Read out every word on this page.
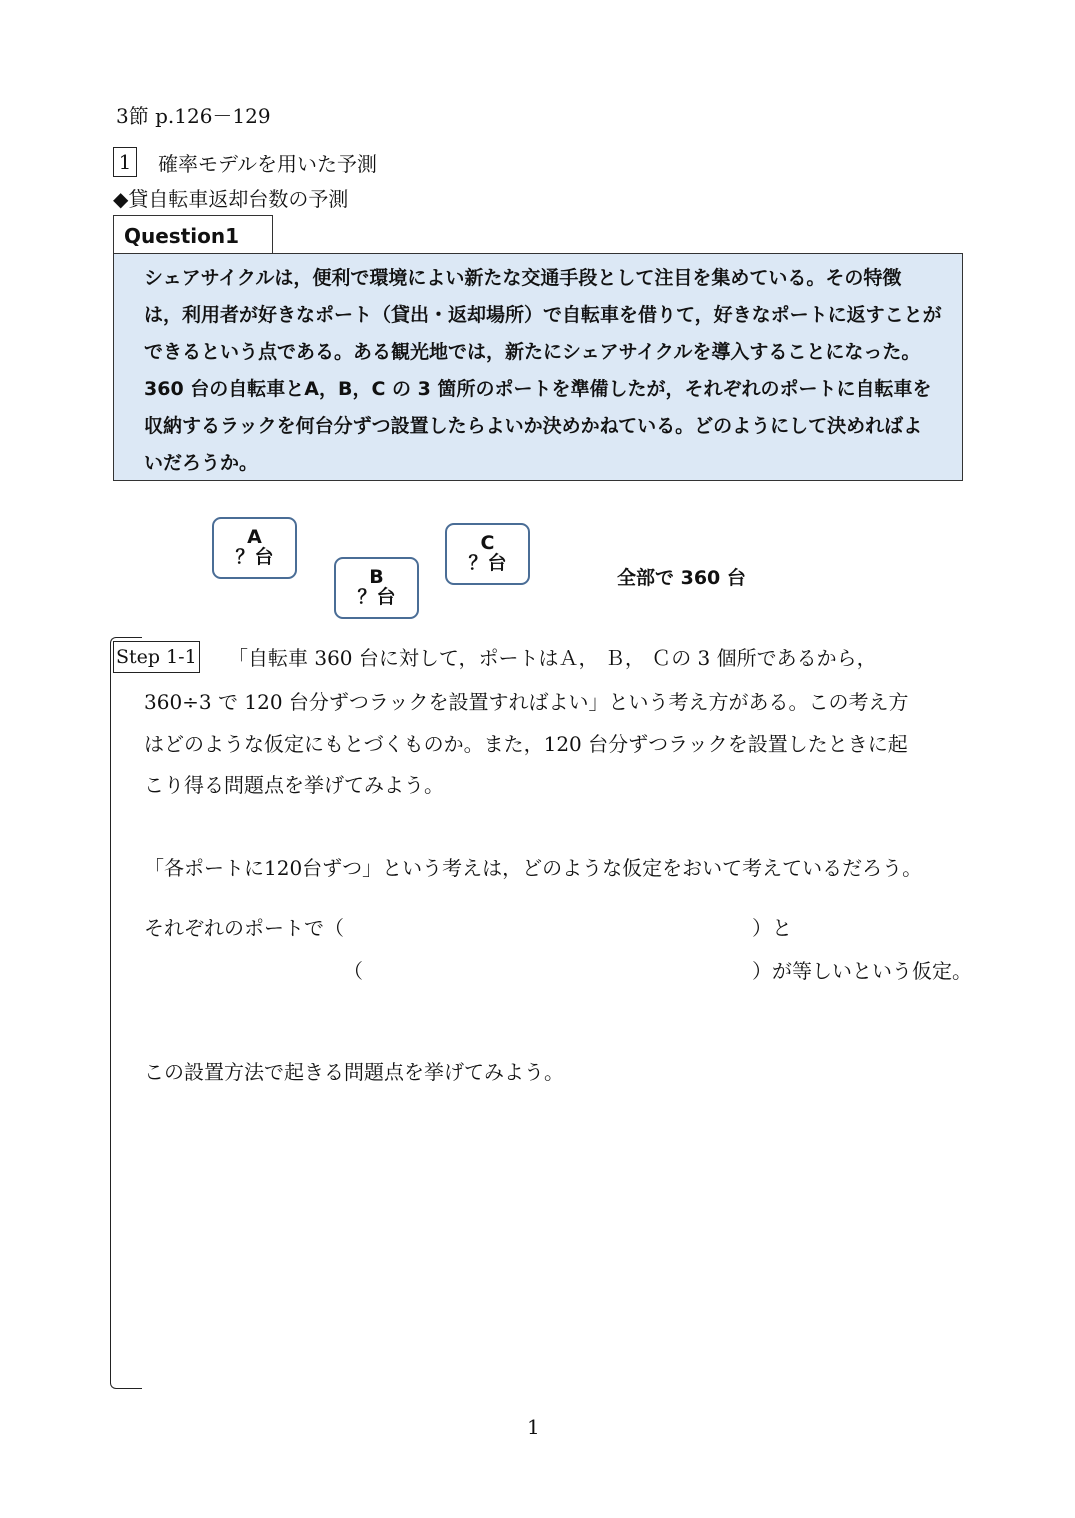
3節 p.126－129
1 確率モデルを用いた予測
◆貸自転車返却台数の予測
Question1

シェアサイクルは，便利で環境によい新たな交通手段として注目を集めている。その特徴

は，利用者が好きなポート（貸出・返却場所）で自転車を借りて，好きなポートに返すことが

できるという点である。ある観光地では，新たにシェアサイクルを導入することになった。

360 台の自転車とA，B，C の 3 箇所のポートを準備したが，それぞれのポートに自転車を

収納するラックを何台分ずつ設置したらよいか決めかねている。どのようにして決めればよ

いだろうか。

A
？台
B
？台
C
？台
全部で 360 台
Step 1-1 「自転車 360 台に対して，ポートはＡ， Ｂ， Ｃの 3 個所であるから，
360÷3 で 120 台分ずつラックを設置すればよい」という考え方がある。この考え方
はどのような仮定にもとづくものか。また，120 台分ずつラックを設置したときに起
こり得る問題点を挙げてみよう。
「各ポートに120台ずつ」という考えは，どのような仮定をおいて考えているだろう。
それぞれのポートで（	）と
（	）が等しいという仮定。
この設置方法で起きる問題点を挙げてみよう。
1
